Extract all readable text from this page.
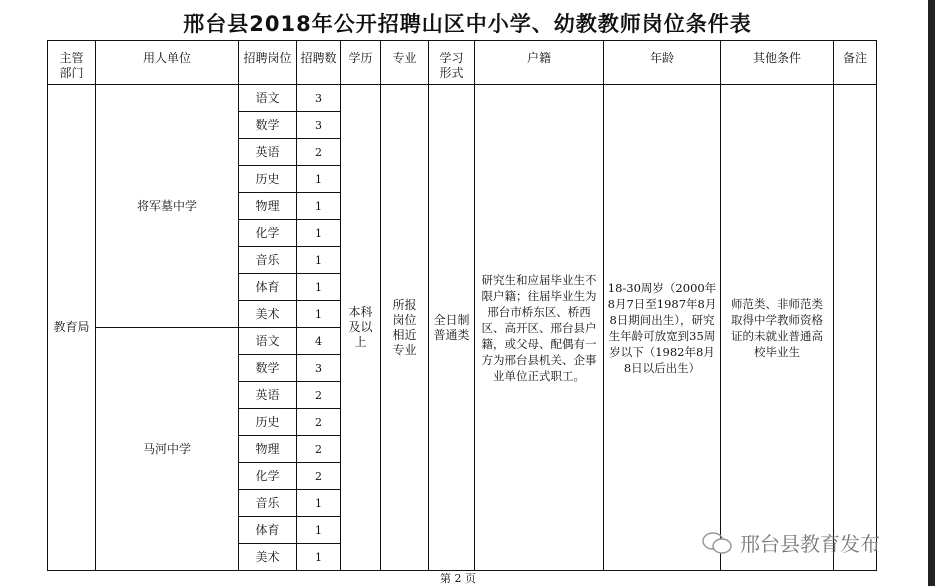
邢台县2018年公开招聘山区中小学、幼教教师岗位条件表
主管部门	用人单位	招聘岗位	招聘数	学历	专业	学习形式	户籍	年龄	其他条件	备注
教育局	将军墓中学	语文	3	本科及以上	所报岗位相近专业	全日制普通类	研究生和应届毕业生不限户籍；往届毕业生为邢台市桥东区、桥西区、高开区、邢台县户籍，或父母、配偶有一方为邢台县机关、企事业单位正式职工。	18-30周岁（2000年8月7日至1987年8月8日期间出生），研究生年龄可放宽到35周岁以下（1982年8月8日以后出生）	师范类、非师范类取得中学教师资格证的未就业普通高校毕业生	
		数学	3							
		英语	2							
		历史	1							
		物理	1							
		化学	1							
		音乐	1							
		体育	1							
		美术	1							
	马河中学	语文	4							
		数学	3							
		英语	2							
		历史	2							
		物理	2							
		化学	2							
		音乐	1							
		体育	1							
		美术	1							
第 2 页
邢台县教育发布
